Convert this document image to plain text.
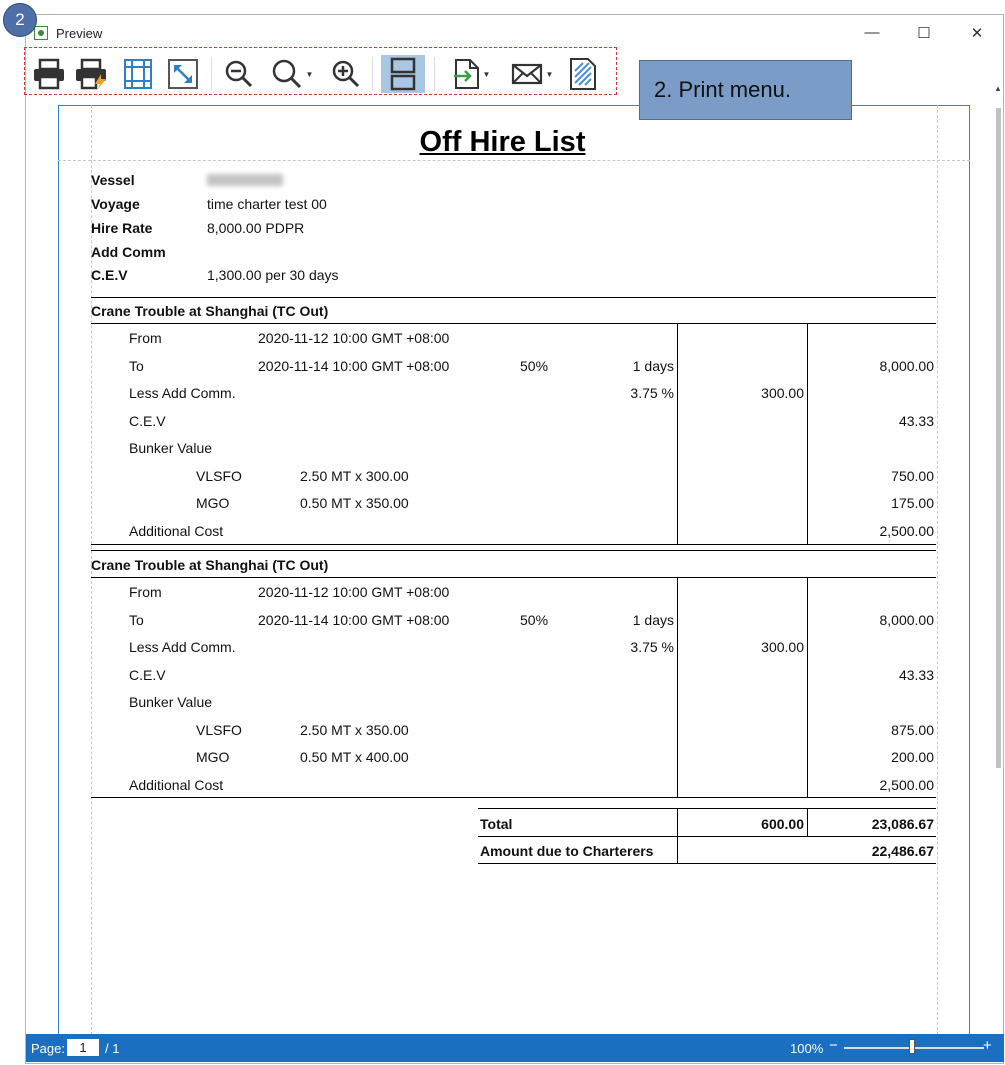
Preview	—	☐	✕
▼	▼	▼
Off Hire List
Vessel
Voyage	time charter test 00
Hire Rate	8,000.00 PDPR
Add Comm
C.E.V	1,300.00 per 30 days
Crane Trouble at Shanghai (TC Out)
From	2020-11-12 10:00 GMT +08:00
To	2020-11-14 10:00 GMT +08:00	50%	1 days	8,000.00
Less Add Comm.	3.75 %	300.00
C.E.V	43.33
Bunker Value
VLSFO	2.50 MT x 300.00	750.00
MGO	0.50 MT x 350.00	175.00
Additional Cost	2,500.00
Crane Trouble at Shanghai (TC Out)
From	2020-11-12 10:00 GMT +08:00
To	2020-11-14 10:00 GMT +08:00	50%	1 days	8,000.00
Less Add Comm.	3.75 %	300.00
C.E.V	43.33
Bunker Value
VLSFO	2.50 MT x 350.00	875.00
MGO	0.50 MT x 400.00	200.00
Additional Cost	2,500.00
Total	600.00	23,086.67
Amount due to Charterers	22,486.67
▲
Page:	1	/ 1	100% −	+
2
2. Print menu.
